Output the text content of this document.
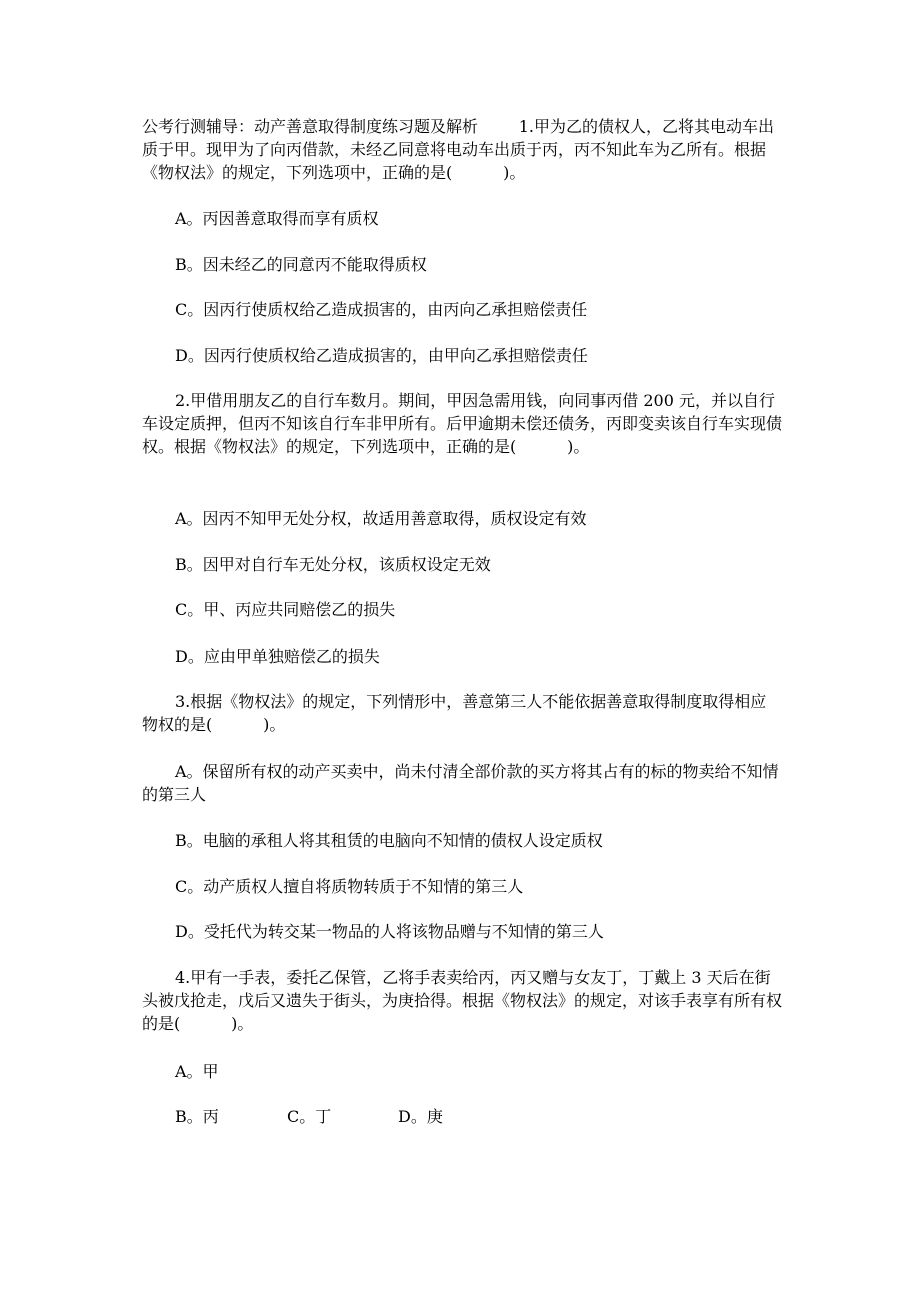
公考行测辅导：动产善意取得制度练习题及解析	1.甲为乙的债权人，乙将其电动车出质于甲。现甲为了向丙借款，未经乙同意将电动车出质于丙，丙不知此车为乙所有。根据《物权法》的规定，下列选项中，正确的是(          )。
A。丙因善意取得而享有质权
B。因未经乙的同意丙不能取得质权
C。因丙行使质权给乙造成损害的，由丙向乙承担赔偿责任
D。因丙行使质权给乙造成损害的，由甲向乙承担赔偿责任
2.甲借用朋友乙的自行车数月。期间，甲因急需用钱，向同事丙借 200 元，并以自行车设定质押，但丙不知该自行车非甲所有。后甲逾期未偿还债务，丙即变卖该自行车实现债权。根据《物权法》的规定，下列选项中，正确的是(          )。
A。因丙不知甲无处分权，故适用善意取得，质权设定有效
B。因甲对自行车无处分权，该质权设定无效
C。甲、丙应共同赔偿乙的损失
D。应由甲单独赔偿乙的损失
3.根据《物权法》的规定，下列情形中，善意第三人不能依据善意取得制度取得相应物权的是(          )。
A。保留所有权的动产买卖中，尚未付清全部价款的买方将其占有的标的物卖给不知情的第三人
B。电脑的承租人将其租赁的电脑向不知情的债权人设定质权
C。动产质权人擅自将质物转质于不知情的第三人
D。受托代为转交某一物品的人将该物品赠与不知情的第三人
4.甲有一手表，委托乙保管，乙将手表卖给丙，丙又赠与女友丁，丁戴上 3 天后在街头被戊抢走，戊后又遗失于街头，为庚拾得。根据《物权法》的规定，对该手表享有所有权的是(          )。
A。甲
B。丙	C。丁	D。庚
